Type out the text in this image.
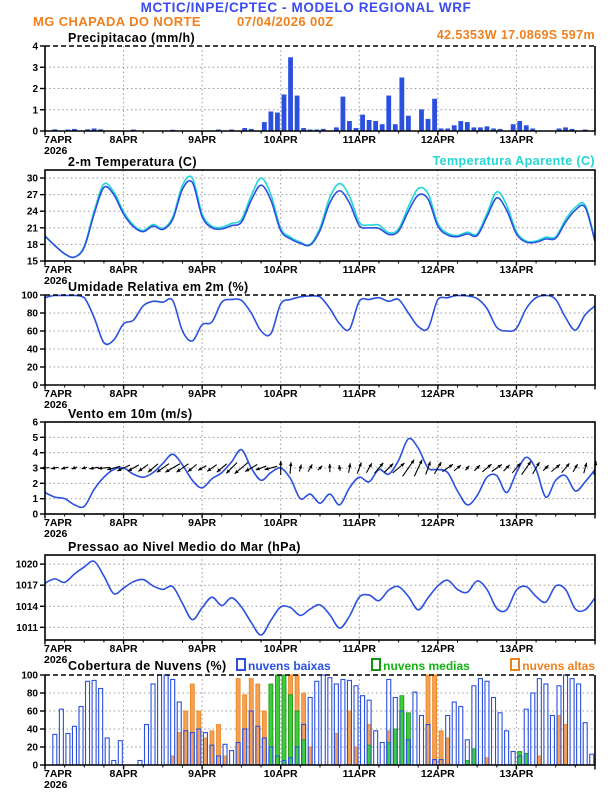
0
1
2
3
4
7APR
2026
8APR	9APR	10APR	11APR	12APR	13APR
15
18
21
24
27
30
7APR
2026
8APR	9APR	10APR	11APR	12APR	13APR
0
20
40
60
80
100
7APR
2026
8APR	9APR	10APR	11APR	12APR	13APR
0
1
2
3
4
5
6
7APR
2026
8APR	9APR	10APR	11APR	12APR	13APR
1011
1014
1017
1020
7APR
2026
8APR	9APR	10APR	11APR	12APR	13APR
0
20
40
60
80
100
7APR
2026
8APR	9APR	10APR	11APR	12APR	13APR
MCTIC/INPE/CPTEC - MODELO REGIONAL WRF
MG CHAPADA DO NORTE	07/04/2026 00Z
42.5353W 17.0869S 597m
Precipitacao (mm/h)
2-m Temperatura (C)	Temperatura Aparente (C)
Umidade Relativa em 2m (%)
Vento em 10m (m/s)
Pressao ao Nivel Medio do Mar (hPa)
Cobertura de Nuvens (%)	nuvens baixas	nuvens medias	nuvens altas
